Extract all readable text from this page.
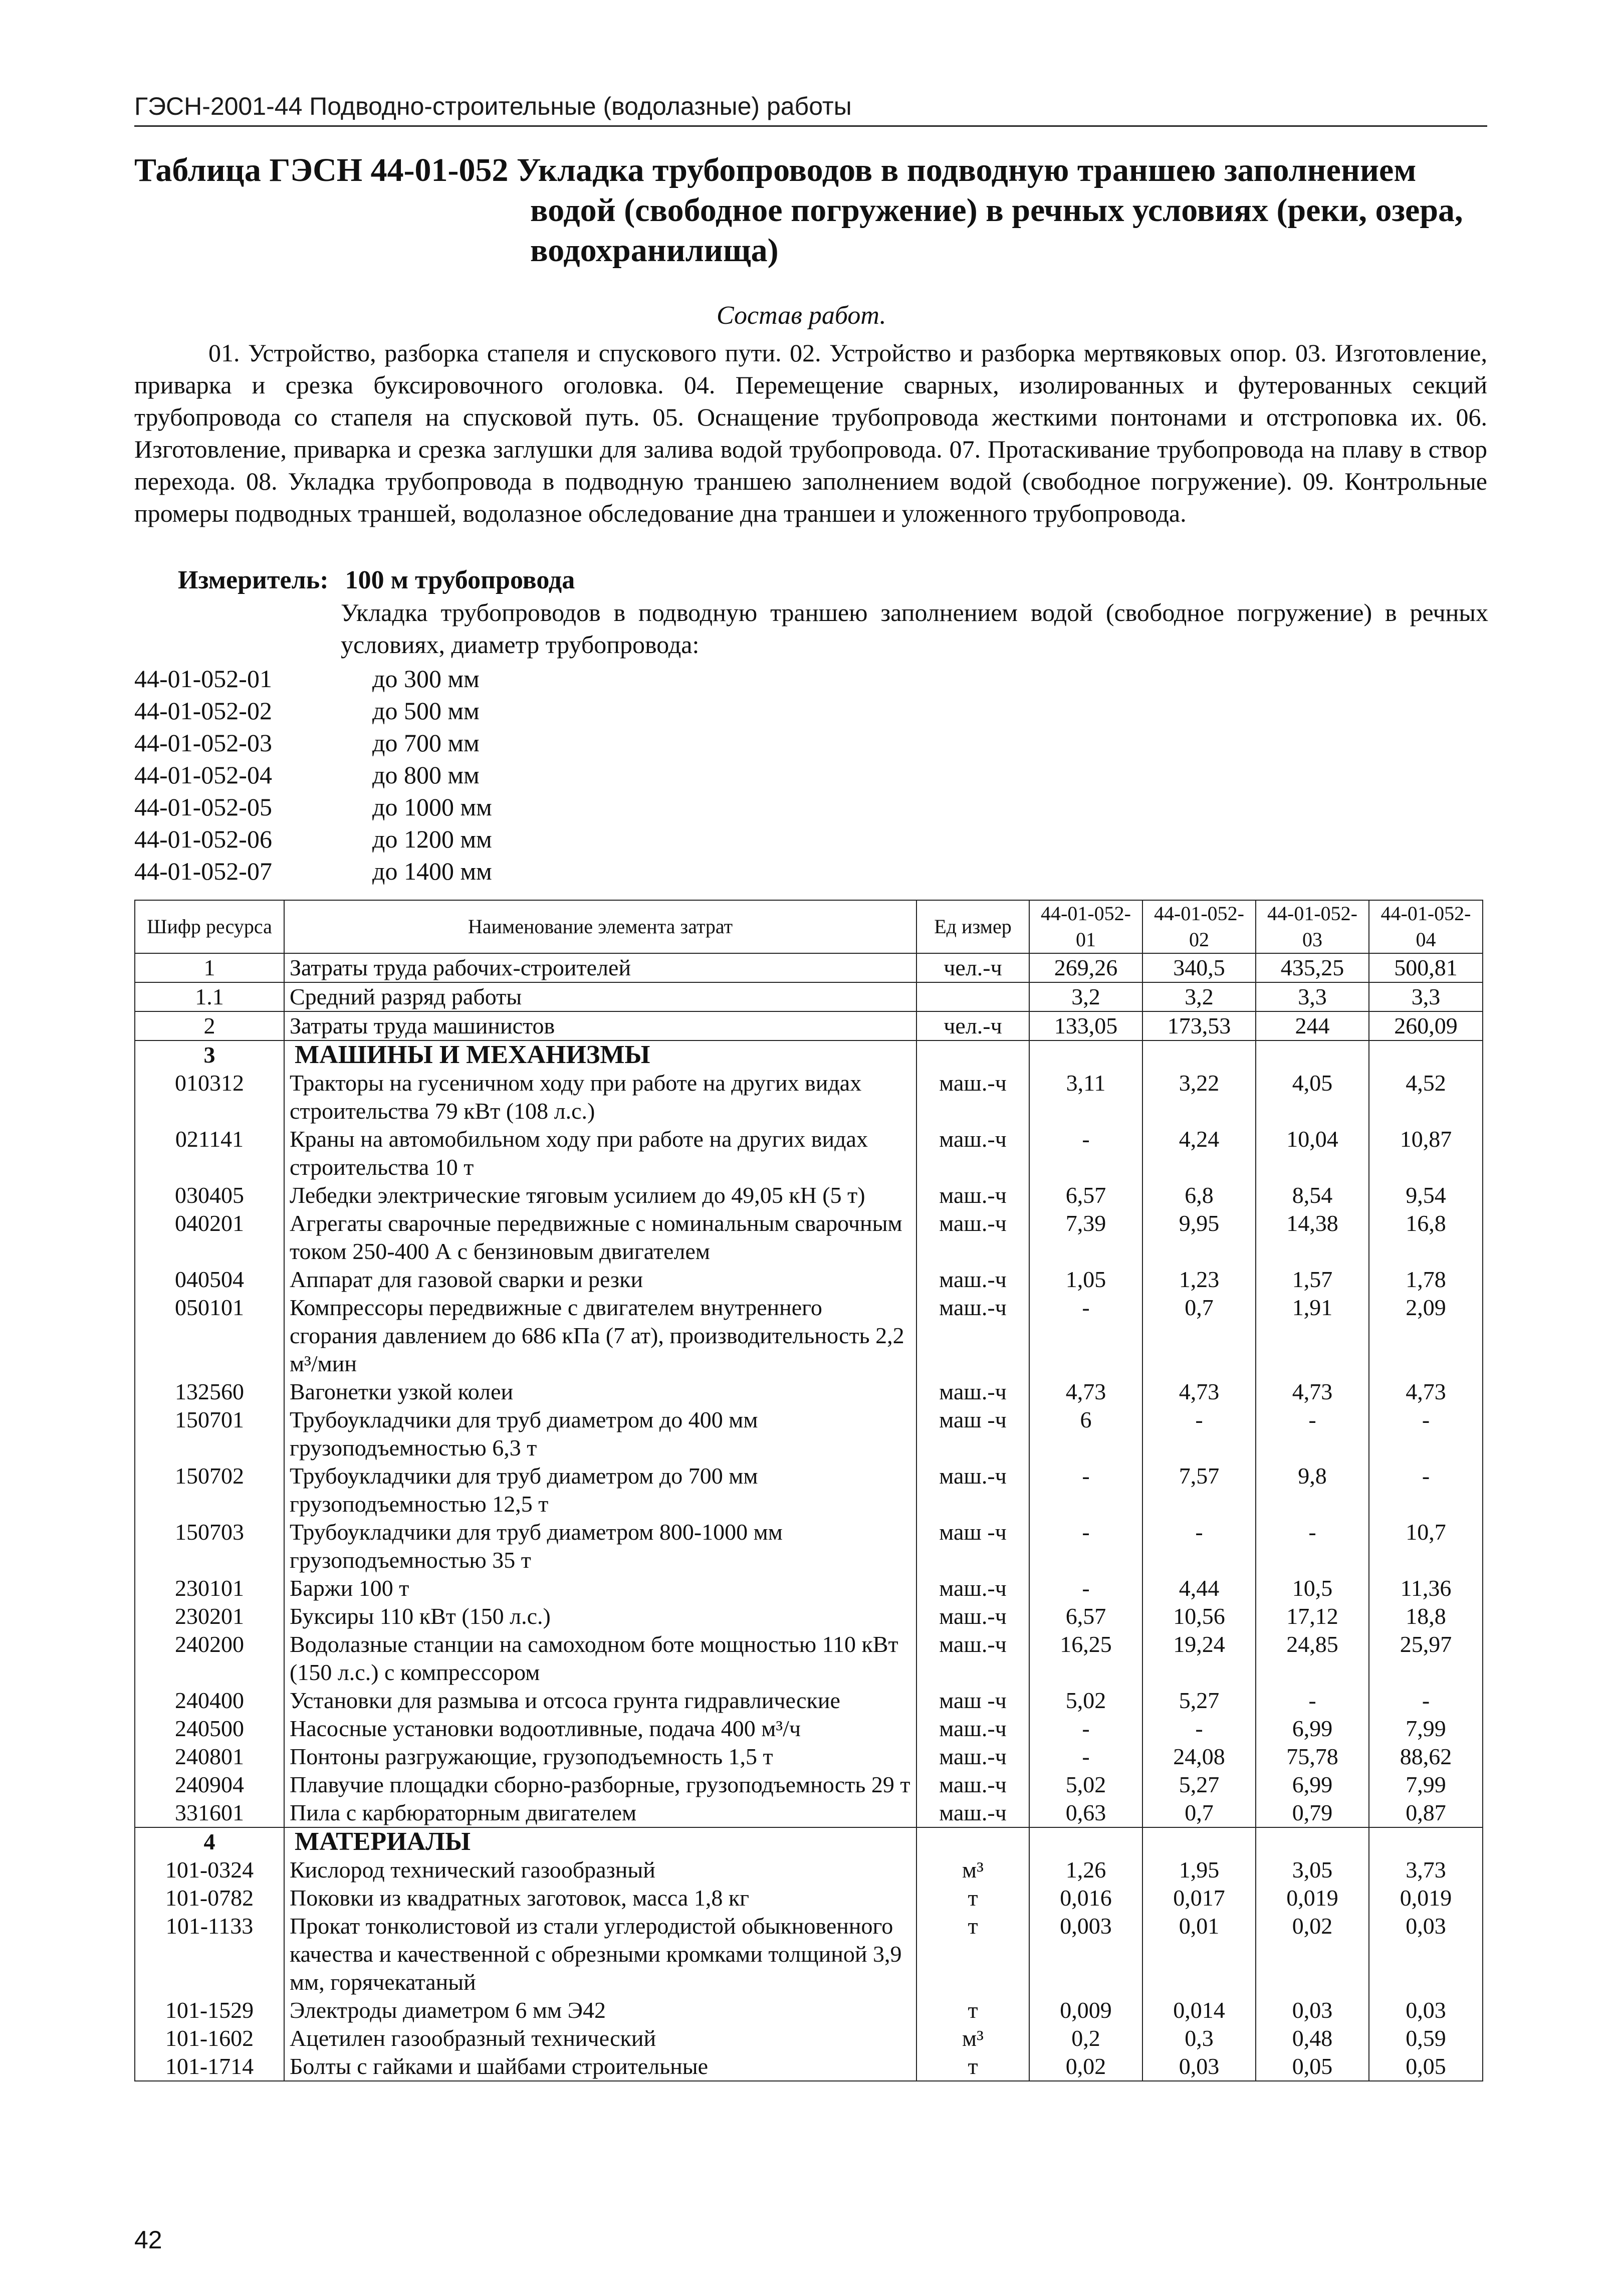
ГЭСН-2001-44 Подводно-строительные (водолазные) работы
Таблица ГЭСН 44-01-052 Укладка трубопроводов в подводную траншею заполнением
водой (свободное погружение) в речных условиях (реки, озера,
водохранилища)
Состав работ.
01. Устройство, разборка стапеля и спускового пути. 02. Устройство и разборка мертвяковых опор. 03. Изготовление, приварка и срезка буксировочного оголовка. 04. Перемещение сварных, изолированных и футерованных секций трубопровода со стапеля на спусковой путь. 05. Оснащение трубопровода жесткими понтонами и отстроповка их. 06. Изготовление, приварка и срезка заглушки для залива водой трубопровода. 07. Протаскивание трубопровода на плаву в створ перехода. 08. Укладка трубопровода в подводную траншею заполнением водой (свободное погружение). 09. Контрольные промеры подводных траншей, водолазное обследование дна траншеи и уложенного трубопровода.
Измеритель: 100 м трубопровода
Укладка трубопроводов в подводную траншею заполнением водой (свободное погружение) в речных условиях, диаметр трубопровода:
44-01-052-01	до 300 мм
44-01-052-02	до 500 мм
44-01-052-03	до 700 мм
44-01-052-04	до 800 мм
44-01-052-05	до 1000 мм
44-01-052-06	до 1200 мм
44-01-052-07	до 1400 мм
Шифр ресурса	Наименование элемента затрат	Ед измер	44-01-052-01	44-01-052-02	44-01-052-03	44-01-052-04
1	Затраты труда рабочих-строителей	чел.-ч	269,26	340,5	435,25	500,81
1.1	Средний разряд работы		3,2	3,2	3,3	3,3
2	Затраты труда машинистов	чел.-ч	133,05	173,53	244	260,09
3	МАШИНЫ И МЕХАНИЗМЫ					
010312	Тракторы на гусеничном ходу при работе на других видах строительства 79 кВт (108 л.с.)	маш.-ч	3,11	3,22	4,05	4,52
021141	Краны на автомобильном ходу при работе на других видах строительства 10 т	маш.-ч	-	4,24	10,04	10,87
030405	Лебедки электрические тяговым усилием до 49,05 кН (5 т)	маш.-ч	6,57	6,8	8,54	9,54
040201	Агрегаты сварочные передвижные с номинальным сварочным током 250-400 А с бензиновым двигателем	маш.-ч	7,39	9,95	14,38	16,8
040504	Аппарат для газовой сварки и резки	маш.-ч	1,05	1,23	1,57	1,78
050101	Компрессоры передвижные с двигателем внутреннего сгорания давлением до 686 кПа (7 ат), производительность 2,2 м³/мин	маш.-ч	-	0,7	1,91	2,09
132560	Вагонетки узкой колеи	маш.-ч	4,73	4,73	4,73	4,73
150701	Трубоукладчики для труб диаметром до 400 мм грузоподъемностью 6,3 т	маш -ч	6	-	-	-
150702	Трубоукладчики для труб диаметром до 700 мм грузоподъемностью 12,5 т	маш.-ч	-	7,57	9,8	-
150703	Трубоукладчики для труб диаметром 800-1000 мм грузоподъемностью 35 т	маш -ч	-	-	-	10,7
230101	Баржи 100 т	маш.-ч	-	4,44	10,5	11,36
230201	Буксиры 110 кВт (150 л.с.)	маш.-ч	6,57	10,56	17,12	18,8
240200	Водолазные станции на самоходном боте мощностью 110 кВт (150 л.с.) с компрессором	маш.-ч	16,25	19,24	24,85	25,97
240400	Установки для размыва и отсоса грунта гидравлические	маш -ч	5,02	5,27	-	-
240500	Насосные установки водоотливные, подача 400 м³/ч	маш.-ч	-	-	6,99	7,99
240801	Понтоны разгружающие, грузоподъемность 1,5 т	маш.-ч	-	24,08	75,78	88,62
240904	Плавучие площадки сборно-разборные, грузоподъемность 29 т	маш.-ч	5,02	5,27	6,99	7,99
331601	Пила с карбюраторным двигателем	маш.-ч	0,63	0,7	0,79	0,87
4	МАТЕРИАЛЫ					
101-0324	Кислород технический газообразный	м³	1,26	1,95	3,05	3,73
101-0782	Поковки из квадратных заготовок, масса 1,8 кг	т	0,016	0,017	0,019	0,019
101-1133	Прокат тонколистовой из стали углеродистой обыкновенного качества и качественной с обрезными кромками толщиной 3,9 мм, горячекатаный	т	0,003	0,01	0,02	0,03
101-1529	Электроды диаметром 6 мм Э42	т	0,009	0,014	0,03	0,03
101-1602	Ацетилен газообразный технический	м³	0,2	0,3	0,48	0,59
101-1714	Болты с гайками и шайбами строительные	т	0,02	0,03	0,05	0,05
42
